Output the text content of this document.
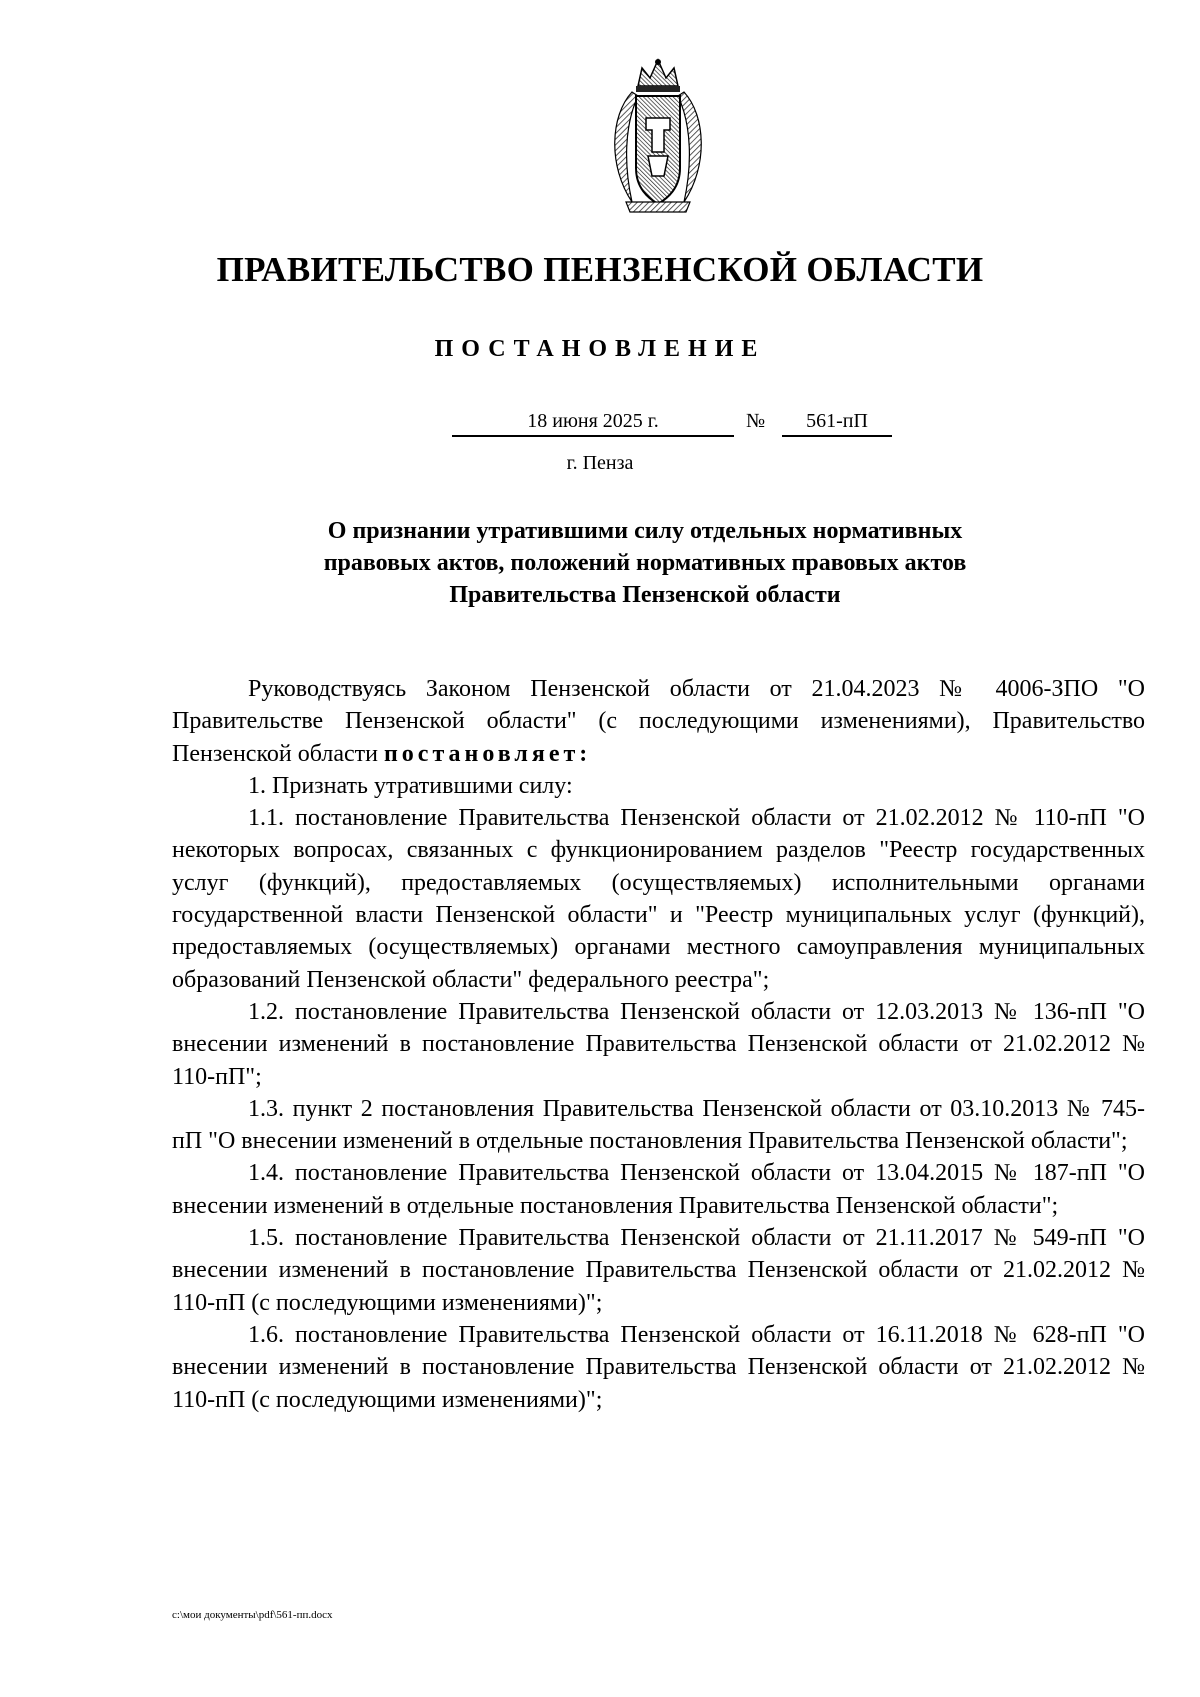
ПРАВИТЕЛЬСТВО ПЕНЗЕНСКОЙ ОБЛАСТИ
ПОСТАНОВЛЕНИЕ
18 июня 2025 г.	№	561-пП
г. Пенза
О признании утратившими силу отдельных нормативных
правовых актов, положений нормативных правовых актов
Правительства Пензенской области

Руководствуясь Законом Пензенской области от 21.04.2023 № 4006-ЗПО "О Правительстве Пензенской области" (с последующими изменениями), Правительство Пензенской области постановляет:

1. Признать утратившими силу:

1.1. постановление Правительства Пензенской области от 21.02.2012 № 110-пП "О некоторых вопросах, связанных с функционированием разделов "Реестр государственных услуг (функций), предоставляемых (осуществляемых) исполнительными органами государственной власти Пензенской области" и "Реестр муниципальных услуг (функций), предоставляемых (осуществляемых) органами местного самоуправления муниципальных образований Пензенской области" федерального реестра";

1.2. постановление Правительства Пензенской области от 12.03.2013 № 136-пП "О внесении изменений в постановление Правительства Пензенской области от 21.02.2012 № 110-пП";

1.3. пункт 2 постановления Правительства Пензенской области от 03.10.2013 № 745-пП "О внесении изменений в отдельные постановления Правительства Пензенской области";

1.4. постановление Правительства Пензенской области от 13.04.2015 № 187-пП "О внесении изменений в отдельные постановления Правительства Пензенской области";

1.5. постановление Правительства Пензенской области от 21.11.2017 № 549-пП "О внесении изменений в постановление Правительства Пензенской области от 21.02.2012 № 110-пП (с последующими изменениями)";

1.6. постановление Правительства Пензенской области от 16.11.2018 № 628-пП "О внесении изменений в постановление Правительства Пензенской области от 21.02.2012 № 110-пП (с последующими изменениями)";

c:\мои документы\pdf\561-пп.docx
